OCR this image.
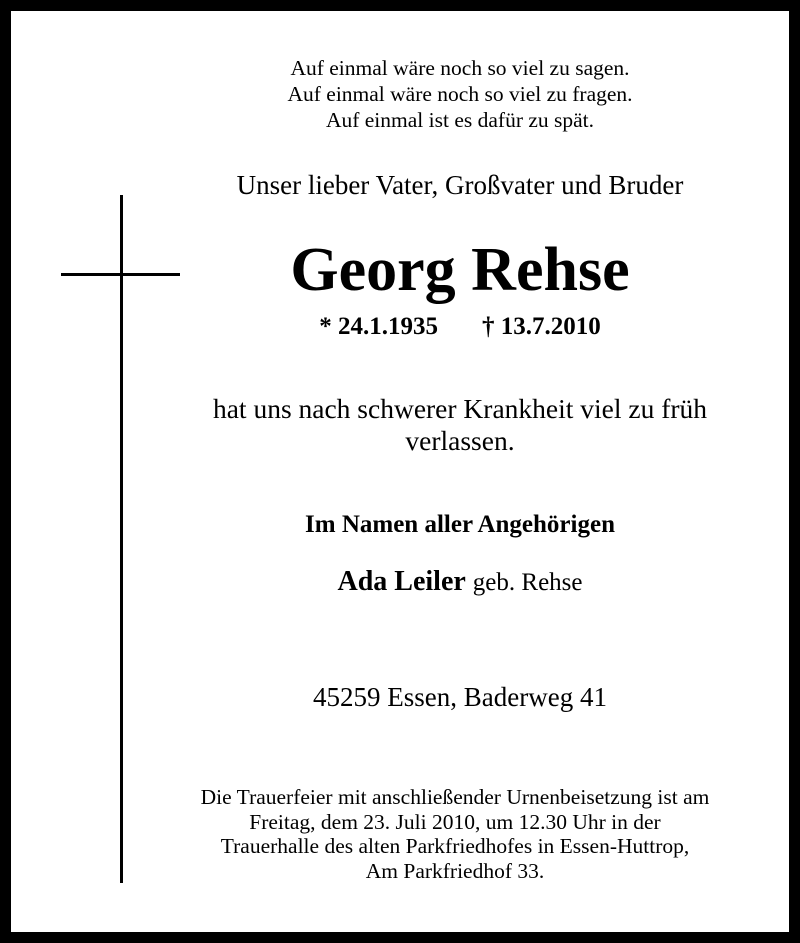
Auf einmal wäre noch so viel zu sagen.
Auf einmal wäre noch so viel zu fragen.
Auf einmal ist es dafür zu spät.
Unser lieber Vater, Großvater und Bruder
Georg Rehse
* 24.1.1935 † 13.7.2010
hat uns nach schwerer Krankheit viel zu früh
verlassen.
Im Namen aller Angehörigen
Ada Leiler geb. Rehse
45259 Essen, Baderweg 41
Die Trauerfeier mit anschließender Urnenbeisetzung ist am
Freitag, dem 23. Juli 2010, um 12.30 Uhr in der
Trauerhalle des alten Parkfriedhofes in Essen-Huttrop,
Am Parkfriedhof 33.
